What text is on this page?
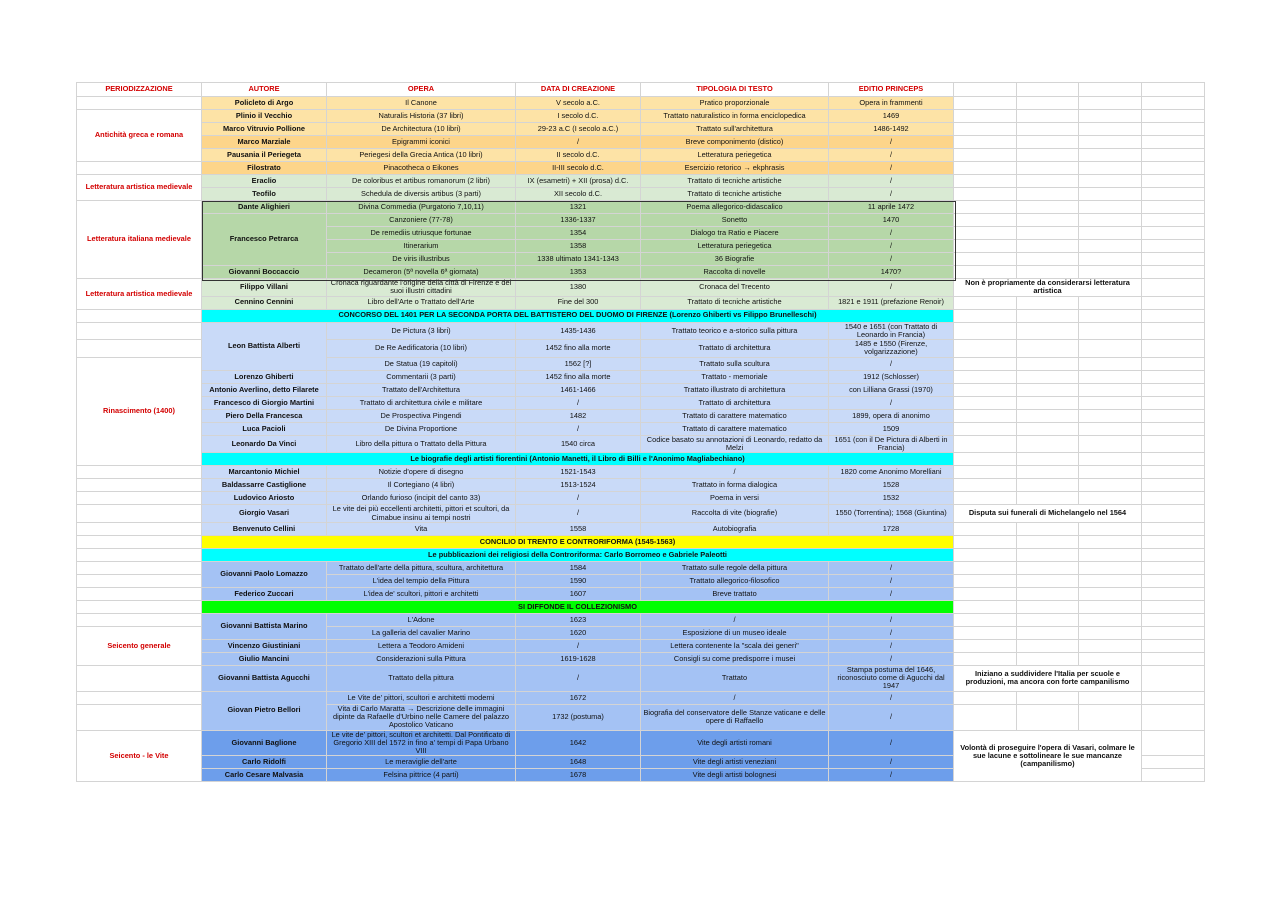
PERIODIZZAZIONE	AUTORE	OPERA	DATA DI CREAZIONE	TIPOLOGIA DI TESTO	EDITIO PRINCEPS				
	Policleto di Argo	Il Canone	V secolo a.C.	Pratico proporzionale	Opera in frammenti				
Antichità greca e romana	Plinio il Vecchio	Naturalis Historia (37 libri)	I secolo d.C.	Trattato naturalistico in forma enciclopedica	1469				
	Marco Vitruvio Pollione	De Architectura (10 libri)	29-23 a.C (I secolo a.C.)	Trattato sull'architettura	1486-1492				
	Marco Marziale	Epigrammi iconici	/	Breve componimento (distico)	/				
	Pausania il Periegeta	Periegesi della Grecia Antica (10 libri)	II secolo d.C.	Letteratura periegetica	/				
	Filostrato	Pinacotheca o Eikones	II-III secolo d.C.	Esercizio retorico → ekphrasis	/				
Letteratura artistica medievale	Eraclio	De coloribus et artibus romanorum (2 libri)	IX (esametri) + XII (prosa) d.C.	Trattato di tecniche artistiche	/				
	Teofilo	Schedula de diversis artibus (3 parti)	XII secolo d.C.	Trattato di tecniche artistiche	/				
Letteratura italiana medievale	Dante Alighieri	Divina Commedia (Purgatorio 7,10,11)	1321	Poema allegorico-didascalico	11 aprile 1472				
	Francesco Petrarca	Canzoniere (77-78)	1336-1337	Sonetto	1470				
		De remediis utriusque fortunae	1354	Dialogo tra Ratio e Piacere	/				
		Itinerarium	1358	Letteratura periegetica	/				
		De viris illustribus	1338 ultimato 1341-1343	36 Biografie	/				
	Giovanni Boccaccio	Decameron (5ª novella 6ª giornata)	1353	Raccolta di novelle	1470?				
Letteratura artistica medievale	Filippo Villani	Cronaca riguardante l'origine della città di Firenze e dei suoi illustri cittadini	1380	Cronaca del Trecento	/	Non è propriamente da considerarsi letteratura artistica			
	Cennino Cennini	Libro dell'Arte o Trattato dell'Arte	Fine del 300	Trattato di tecniche artistiche	1821 e 1911 (prefazione Renoir)				
	CONCORSO DEL 1401 PER LA SECONDA PORTA DEL BATTISTERO DEL DUOMO DI FIRENZE (Lorenzo Ghiberti vs Filippo Brunelleschi)								
	Leon Battista Alberti	De Pictura (3 libri)	1435-1436	Trattato teorico e a-storico sulla pittura	1540 e 1651 (con Trattato di Leonardo in Francia)				
		De Re Aedificatoria (10 libri)	1452 fino alla morte	Trattato di architettura	1485 e 1550 (Firenze, volgarizzazione)				
Rinascimento (1400)		De Statua (19 capitoli)	1562 [?]	Trattato sulla scultura	/				
	Lorenzo Ghiberti	Commentarii (3 parti)	1452 fino alla morte	Trattato - memoriale	1912 (Schlosser)				
	Antonio Averlino, detto Filarete	Trattato dell'Architettura	1461-1466	Trattato illustrato di architettura	con Lilliana Grassi (1970)				
	Francesco di Giorgio Martini	Trattato di architettura civile e militare	/	Trattato di architettura	/				
	Piero Della Francesca	De Prospectiva Pingendi	1482	Trattato di carattere matematico	1899, opera di anonimo				
	Luca Pacioli	De Divina Proportione	/	Trattato di carattere matematico	1509				
	Leonardo Da Vinci	Libro della pittura o Trattato della Pittura	1540 circa	Codice basato su annotazioni di Leonardo, redatto da Melzi	1651 (con il De Pictura di Alberti in Francia)				
	Le biografie degli artisti fiorentini (Antonio Manetti, il Libro di Billi e l'Anonimo Magliabechiano)								
	Marcantonio Michiel	Notizie d'opere di disegno	1521-1543	/	1820 come Anonimo Morelliani				
	Baldassarre Castiglione	Il Cortegiano (4 libri)	1513-1524	Trattato in forma dialogica	1528				
	Ludovico Ariosto	Orlando furioso (incipit del canto 33)	/	Poema in versi	1532				
	Giorgio Vasari	Le vite dei più eccellenti architetti, pittori et scultori, da Cimabue insinu ai tempi nostri	/	Raccolta di vite (biografie)	1550 (Torrentina); 1568 (Giuntina)	Disputa sui funerali di Michelangelo nel 1564			
	Benvenuto Cellini	Vita	1558	Autobiografia	1728				
	CONCILIO DI TRENTO E CONTRORIFORMA (1545-1563)								
	Le pubblicazioni dei religiosi della Controriforma: Carlo Borromeo e Gabriele Paleotti								
	Giovanni Paolo Lomazzo	Trattato dell'arte della pittura, scultura, architettura	1584	Trattato sulle regole della pittura	/				
		L'idea del tempio della Pittura	1590	Trattato allegorico-filosofico	/				
	Federico Zuccari	L'idea de' scultori, pittori e architetti	1607	Breve trattato	/				
	SI DIFFONDE IL COLLEZIONISMO								
	Giovanni Battista Marino	L'Adone	1623	/	/				
Seicento generale		La galleria del cavalier Marino	1620	Esposizione di un museo ideale	/				
	Vincenzo Giustiniani	Lettera a Teodoro Amideni	/	Lettera contenente la "scala dei generi"	/				
	Giulio Mancini	Considerazioni sulla Pittura	1619-1628	Consigli su come predisporre i musei	/				
	Giovanni Battista Agucchi	Trattato della pittura	/	Trattato	Stampa postuma del 1646, riconosciuto come di Agucchi dal 1947	Iniziano a suddividere l'Italia per scuole e produzioni, ma ancora con forte campanilismo			
	Giovan Pietro Bellori	Le Vite de' pittori, scultori e architetti moderni	1672	/	/				
		Vita di Carlo Maratta → Descrizione delle immagini dipinte da Rafaelle d'Urbino nelle Camere del palazzo Apostolico Vaticano	1732 (postuma)	Biografia del conservatore delle Stanze vaticane e delle opere di Raffaello	/				
Seicento - le Vite	Giovanni Baglione	Le vite de' pittori, scultori et architetti. Dal Pontificato di Gregorio XIII del 1572 in fino a' tempi di Papa Urbano VIII	1642	Vite degli artisti romani	/	Volontà di proseguire l'opera di Vasari, colmare le sue lacune e sottolineare le sue mancanze (campanilismo)			
	Carlo Ridolfi	Le meraviglie dell'arte	1648	Vite degli artisti veneziani	/				
	Carlo Cesare Malvasia	Felsina pittrice (4 parti)	1678	Vite degli artisti bolognesi	/				
